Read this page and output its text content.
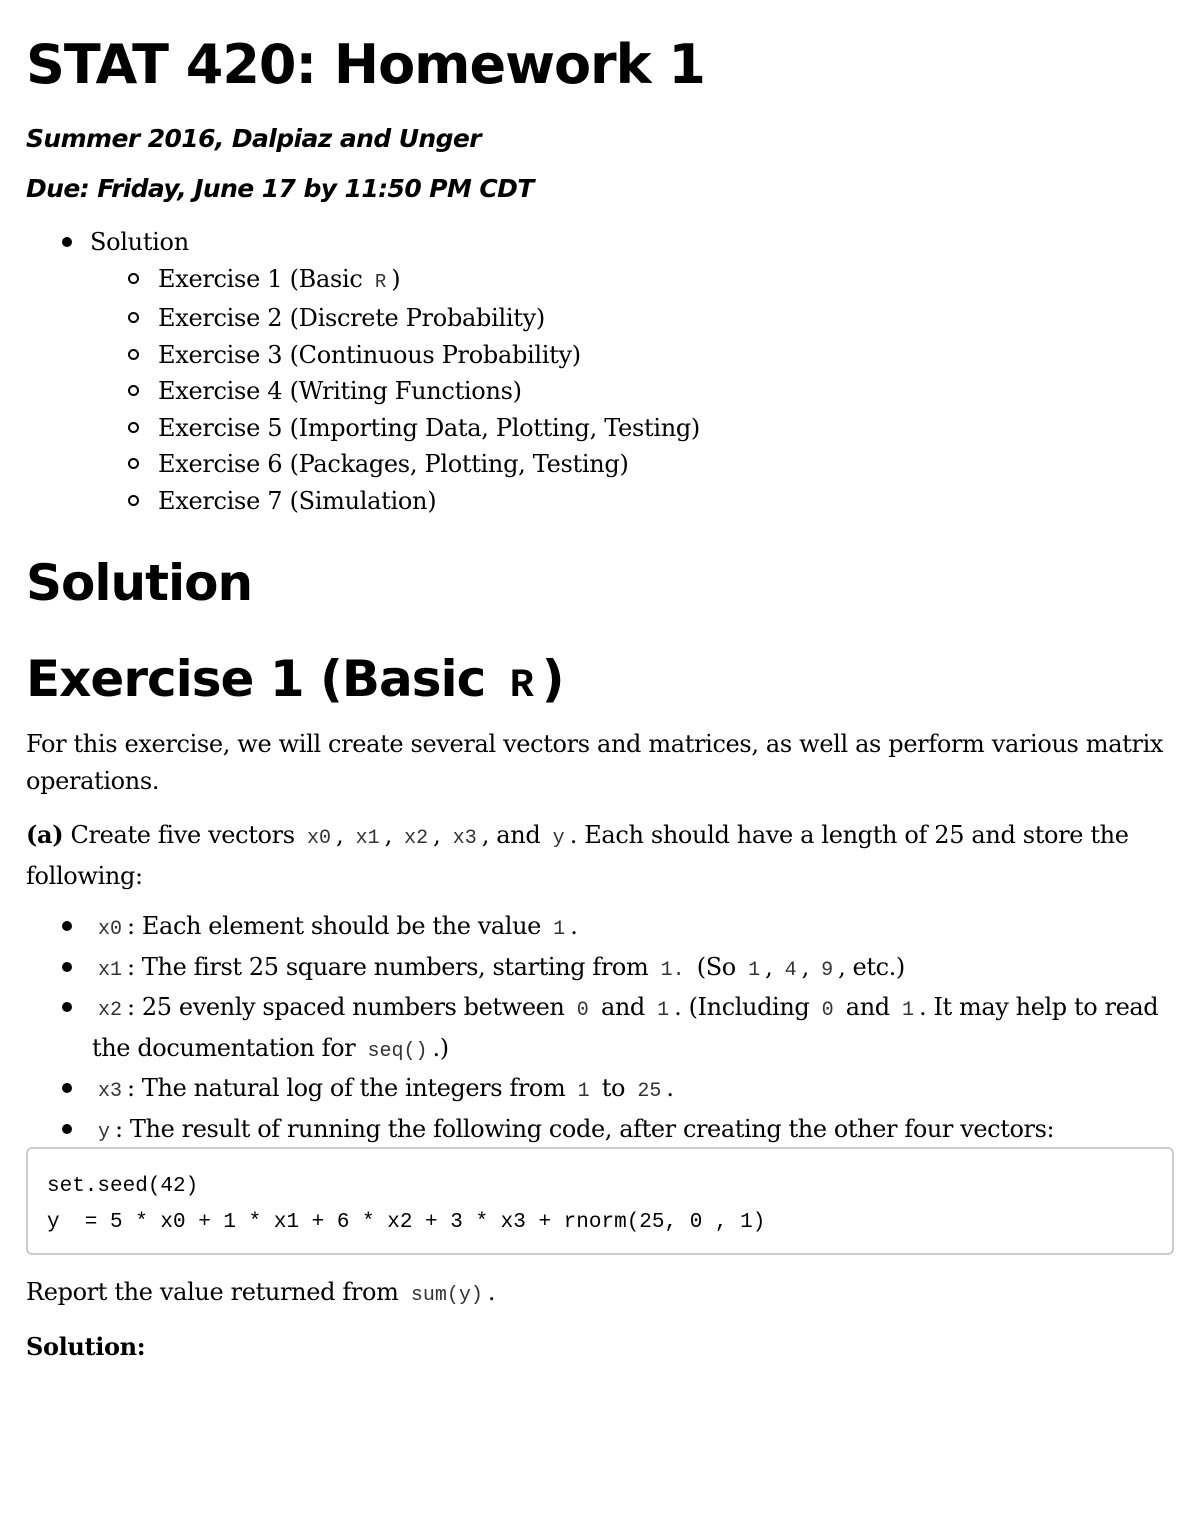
STAT 420: Homework 1
Summer 2016, Dalpiaz and Unger
Due: Friday, June 17 by 11:50 PM CDT
Solution
Exercise 1 (Basic R )
Exercise 2 (Discrete Probability)
Exercise 3 (Continuous Probability)
Exercise 4 (Writing Functions)
Exercise 5 (Importing Data, Plotting, Testing)
Exercise 6 (Packages, Plotting, Testing)
Exercise 7 (Simulation)
Solution
Exercise 1 (Basic R )

For this exercise, we will create several vectors and matrices, as well as perform various matrix operations.

(a) Create five vectors x0 , x1 , x2 , x3 , and y . Each should have a length of 25 and store the following:

x0 : Each element should be the value 1 .
x1 : The first 25 square numbers, starting from 1. (So 1 , 4 , 9 , etc.)
x2 : 25 evenly spaced numbers between 0 and 1 . (Including 0 and 1 . It may help to read the documentation for seq() .)
x3 : The natural log of the integers from 1 to 25 .
y : The result of running the following code, after creating the other four vectors:
set.seed(42)
y  = 5 * x0 + 1 * x1 + 6 * x2 + 3 * x3 + rnorm(25, 0 , 1)

Report the value returned from sum(y) .

Solution:
